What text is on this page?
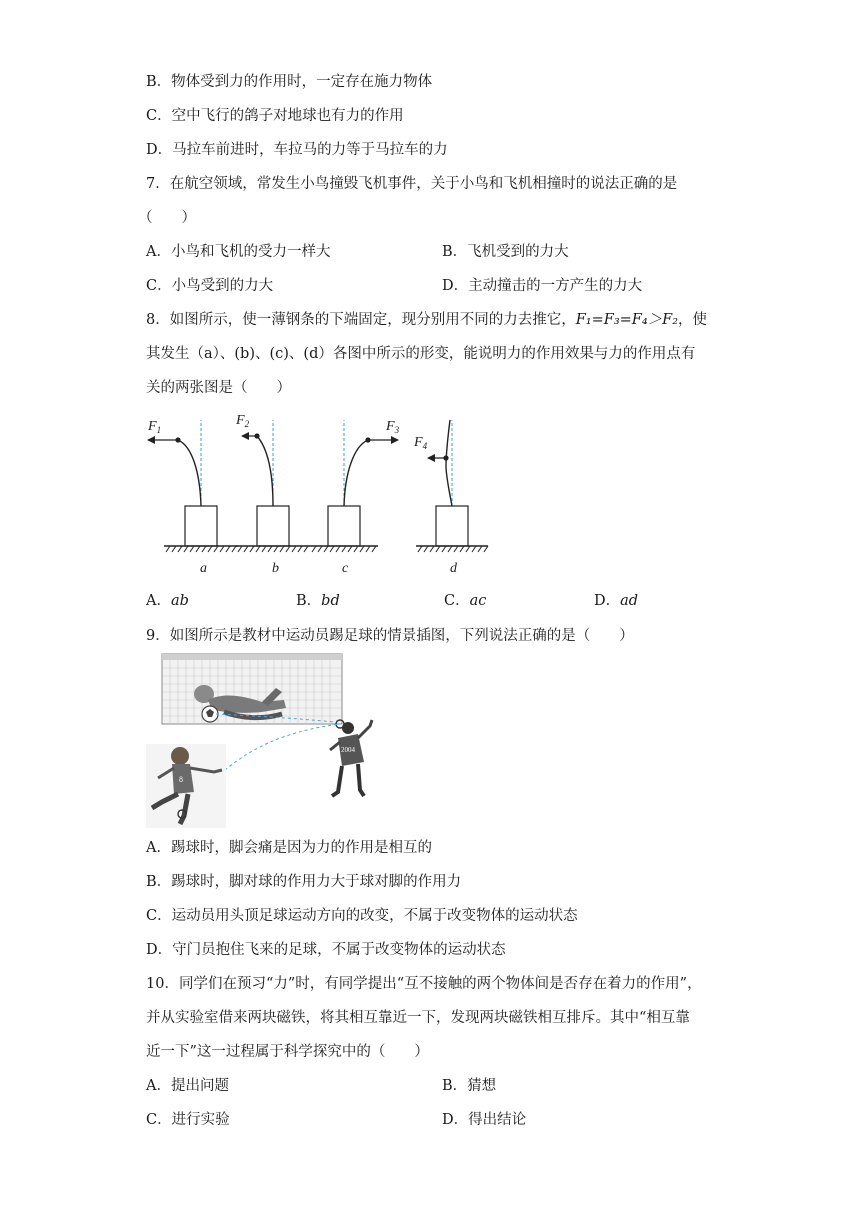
B．物体受到力的作用时，一定存在施力物体
C．空中飞行的鸽子对地球也有力的作用
D．马拉车前进时，车拉马的力等于马拉车的力
7．在航空领域，常发生小鸟撞毁飞机事件，关于小鸟和飞机相撞时的说法正确的是
（　　）
A．小鸟和飞机的受力一样大	B．飞机受到的力大
C．小鸟受到的力大	D．主动撞击的一方产生的力大
8．如图所示，使一薄钢条的下端固定，现分别用不同的力去推它，F₁=F₃=F₄＞F₂，使
其发生（a）、(b)、(c)、(d）各图中所示的形变，能说明力的作用效果与力的作用点有
关的两张图是（　　）
$F_1$
a
$F_2$
b
$F_3$
c
$F_4$
d
A．ab	B．bd	C．ac	D．ad
9．如图所示是教材中运动员踢足球的情景插图，下列说法正确的是（　　）
2004
8
A．踢球时，脚会痛是因为力的作用是相互的
B．踢球时，脚对球的作用力大于球对脚的作用力
C．运动员用头顶足球运动方向的改变，不属于改变物体的运动状态
D．守门员抱住飞来的足球，不属于改变物体的运动状态
10．同学们在预习“力”时，有同学提出“互不接触的两个物体间是否存在着力的作用”，
并从实验室借来两块磁铁，将其相互靠近一下，发现两块磁铁相互排斥。其中“相互靠
近一下”这一过程属于科学探究中的（　　）
A．提出问题	B．猜想
C．进行实验	D．得出结论
